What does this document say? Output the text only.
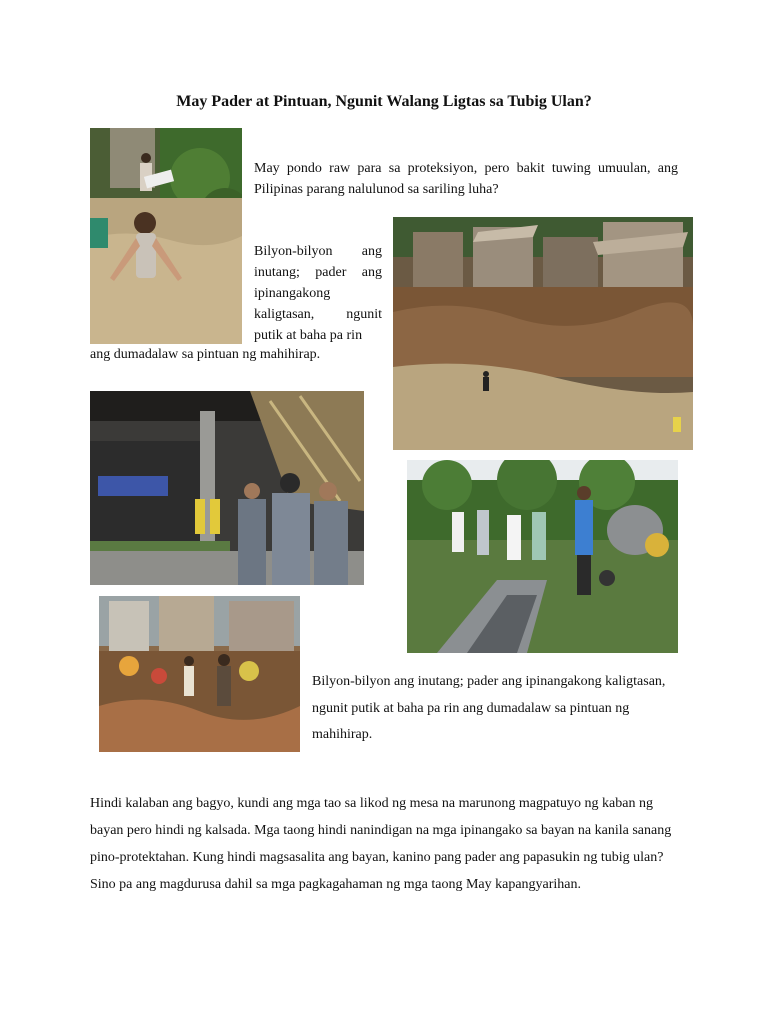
May Pader at Pintuan, Ngunit Walang Ligtas sa Tubig Ulan?
May pondo raw para sa proteksiyon, pero bakit tuwing umuulan, ang Pilipinas parang nalulunod sa sariling luha?
Bilyon-bilyon ang inutang; pader ang ipinangakong kaligtasan, ngunit putik at baha pa rin
ang dumadalaw sa pintuan ng mahihirap.
Bilyon-bilyon ang inutang; pader ang ipinangakong kaligtasan, ngunit putik at baha pa rin ang dumadalaw sa pintuan ng mahihirap.
Hindi kalaban ang bagyo, kundi ang mga tao sa likod ng mesa na marunong magpatuyo ng kaban ng bayan pero hindi ng kalsada. Mga taong hindi nanindigan na mga ipinangako sa bayan na kanila sanang pino-protektahan. Kung hindi magsasalita ang bayan, kanino pang pader ang papasukin ng tubig ulan? Sino pa ang magdurusa dahil sa mga pagkagahaman ng mga taong May kapangyarihan.
